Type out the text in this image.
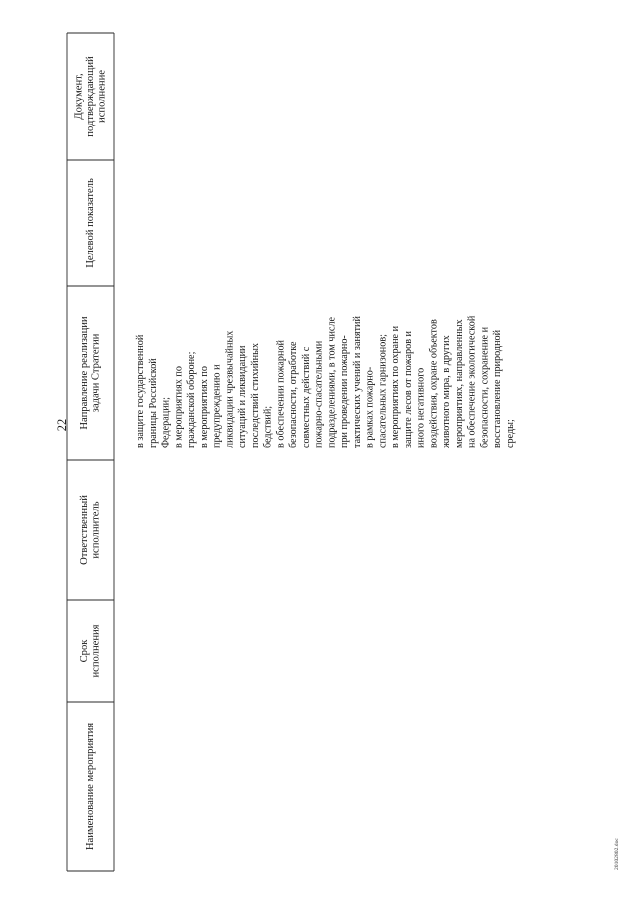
Наименование мероприятия
Срок исполнения
Ответственный исполнитель
Направление реализации задачи Стратегии
Целевой показатель
Документ, подтверждающий исполнение
в защите государственной границы Российской Федерации; в мероприятиях по гражданской обороне; в мероприятиях по предупреждению и ликвидации чрезвычайных ситуаций и ликвидации последствий стихийных бедствий; в обеспечении пожарной безопасности, отработке совместных действий с пожарно-спасательными подразделениями, в том числе при проведении пожарно- тактических учений и занятий в рамках пожарно- спасательных гарнизонов; в мероприятиях по охране и защите лесов от пожаров и иного негативного воздействия, охране объектов животного мира, в других мероприятиях, направленных на обеспечение экологической безопасности, сохранение и восстановление природной среды;
22
20102802.doc
